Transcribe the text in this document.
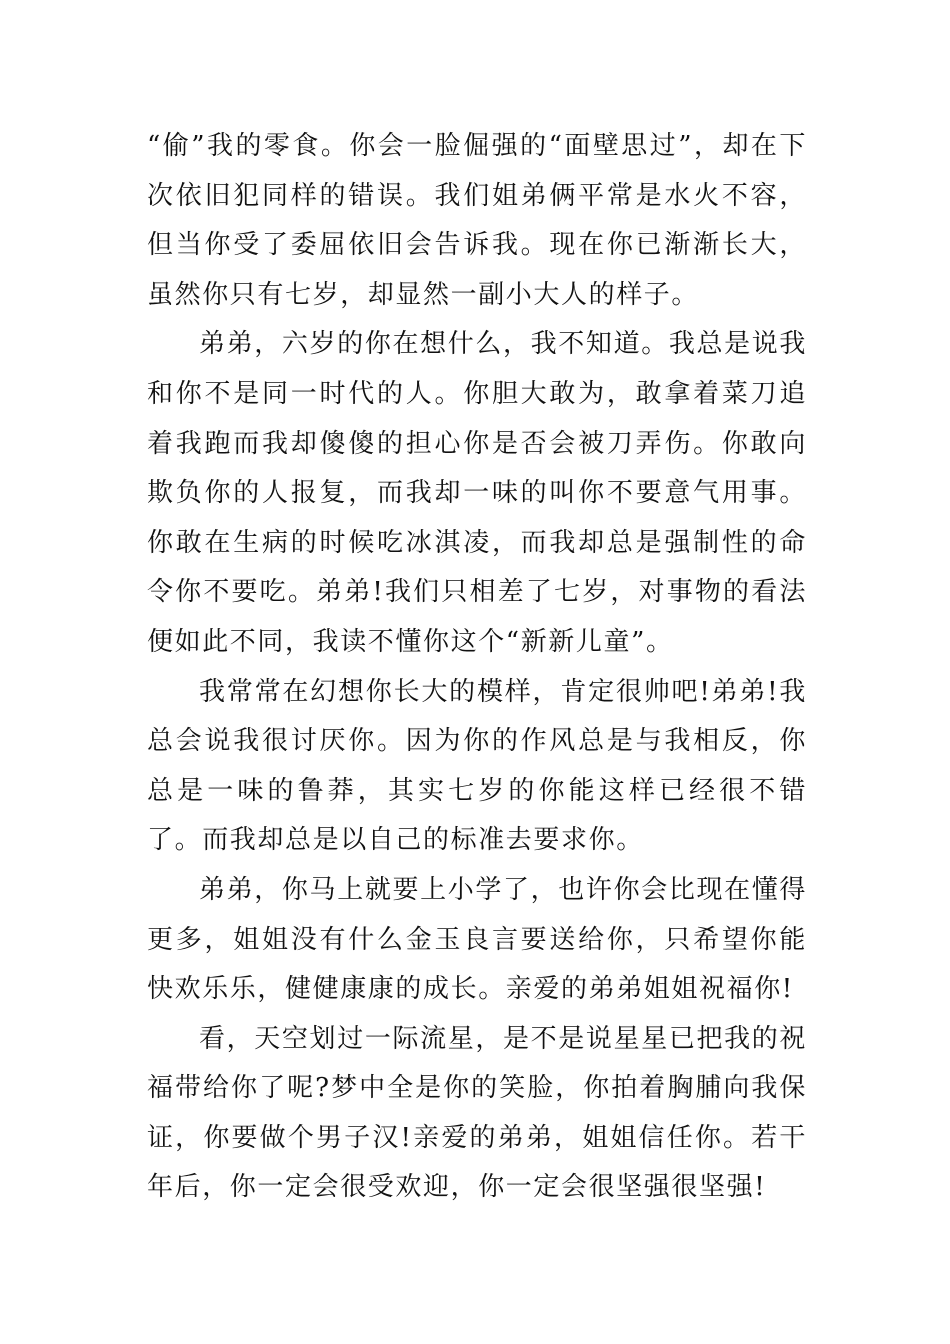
“偷”我的零食。你会一脸倔强的“面壁思过”，却在下次依旧犯同样的错误。我们姐弟俩平常是水火不容，但当你受了委屈依旧会告诉我。现在你已渐渐长大，虽然你只有七岁，却显然一副小大人的样子。

弟弟，六岁的你在想什么，我不知道。我总是说我和你不是同一时代的人。你胆大敢为，敢拿着菜刀追着我跑而我却傻傻的担心你是否会被刀弄伤。你敢向欺负你的人报复，而我却一味的叫你不要意气用事。你敢在生病的时候吃冰淇凌，而我却总是强制性的命令你不要吃。弟弟!我们只相差了七岁，对事物的看法便如此不同，我读不懂你这个“新新儿童”。

我常常在幻想你长大的模样，肯定很帅吧!弟弟!我总会说我很讨厌你。因为你的作风总是与我相反，你总是一味的鲁莽，其实七岁的你能这样已经很不错了。而我却总是以自己的标准去要求你。

弟弟，你马上就要上小学了，也许你会比现在懂得更多，姐姐没有什么金玉良言要送给你，只希望你能快欢乐乐，健健康康的成长。亲爱的弟弟姐姐祝福你!

看，天空划过一际流星，是不是说星星已把我的祝福带给你了呢?梦中全是你的笑脸，你拍着胸脯向我保证，你要做个男子汉!亲爱的弟弟，姐姐信任你。若干年后，你一定会很受欢迎，你一定会很坚强很坚强!
